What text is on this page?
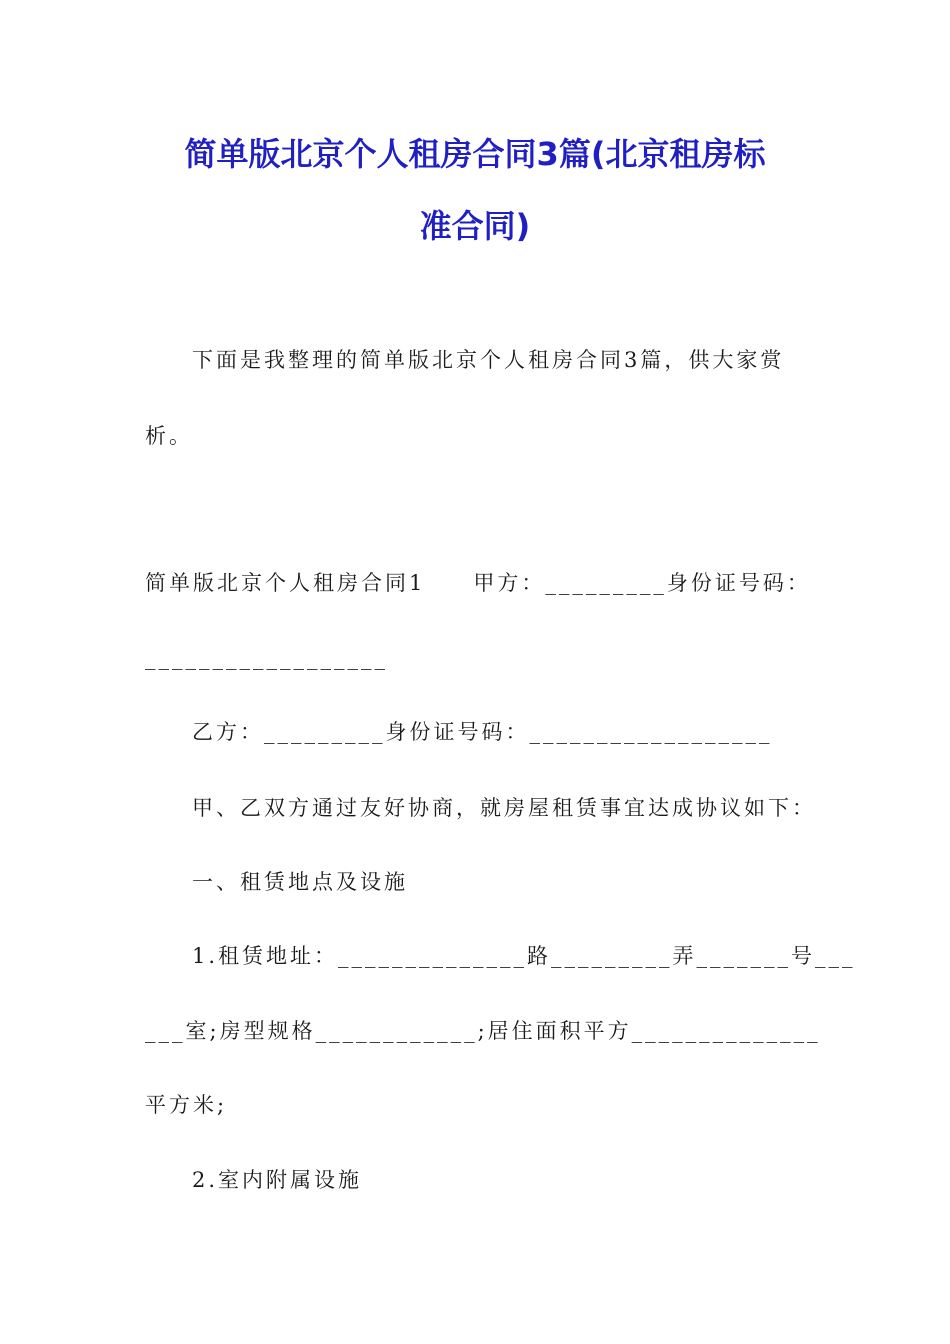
简单版北京个人租房合同3篇(北京租房标
准合同)
下面是我整理的简单版北京个人租房合同3篇，供大家赏
析。
简单版北京个人租房合同1　　甲方：_________身份证号码：
__________________
乙方：_________身份证号码：__________________
甲、乙双方通过友好协商，就房屋租赁事宜达成协议如下：
一、租赁地点及设施
1.租赁地址：______________路_________弄_______号___
___室;房型规格____________;居住面积平方______________
平方米;
2.室内附属设施
